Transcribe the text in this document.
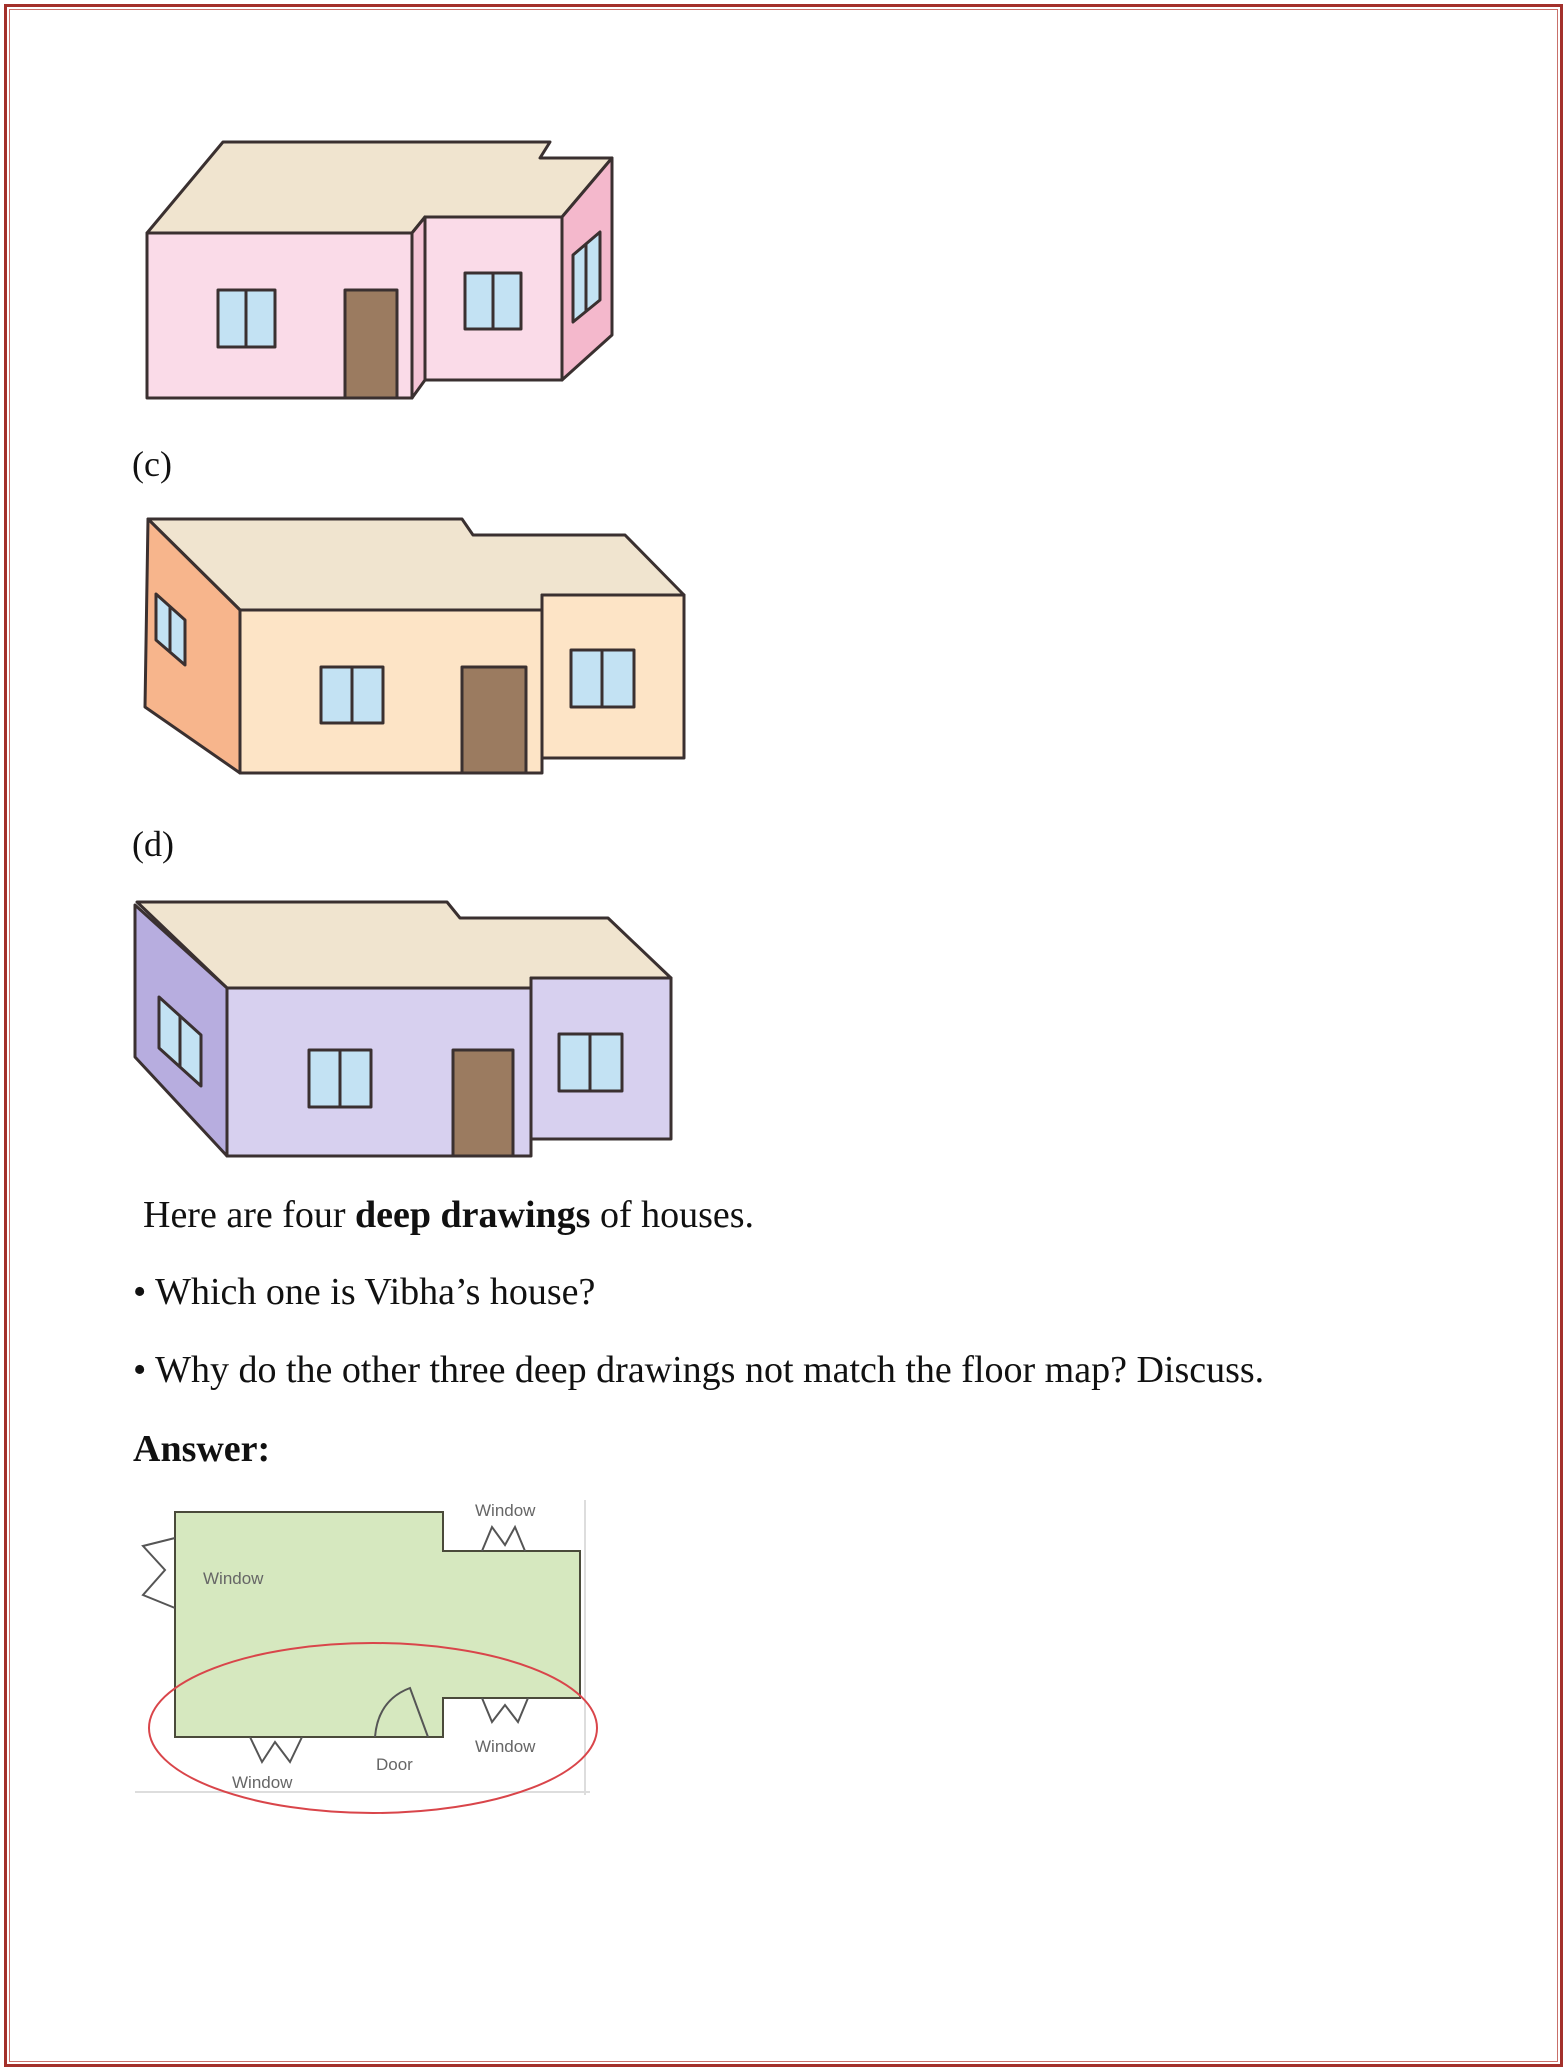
Window
Window
Window
Door
Window
(c)
(d)
Here are four deep drawings of houses.
• Which one is Vibha’s house?
• Why do the other three deep drawings not match the floor map? Discuss.
Answer:
